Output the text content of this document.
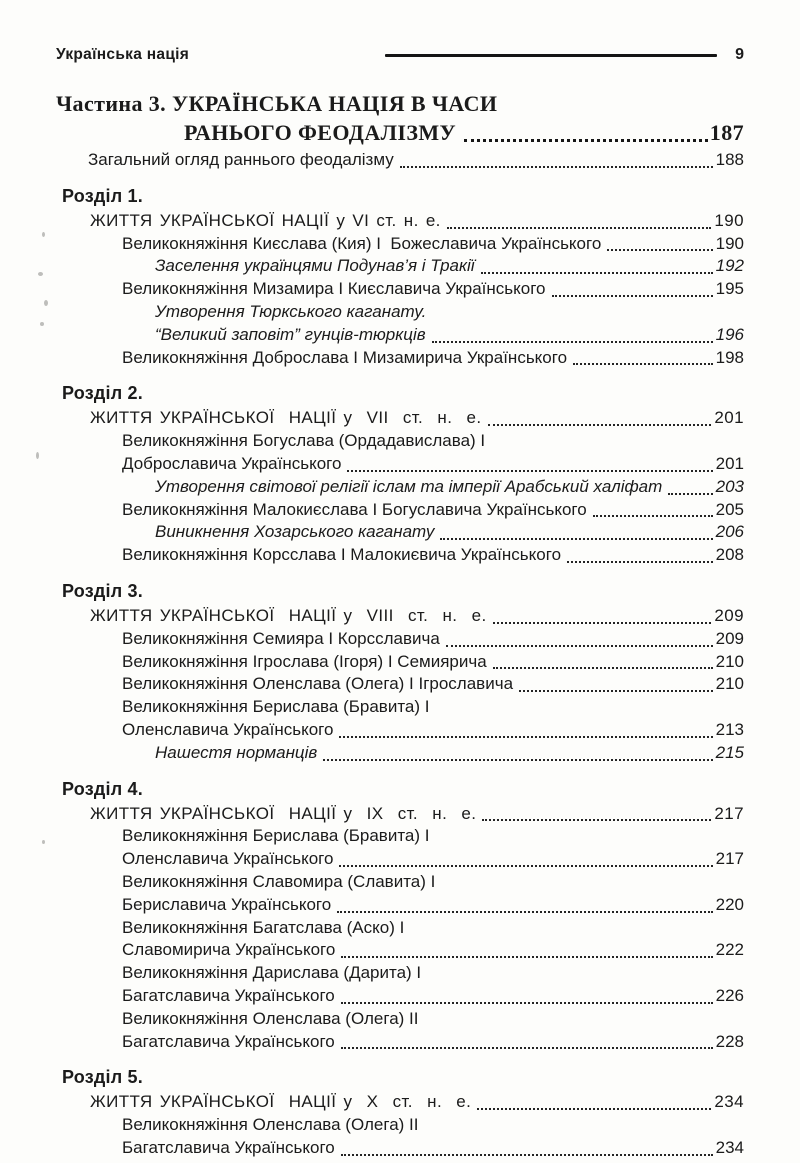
Українська нація	9
Частина 3. УКРАЇНСЬКА НАЦІЯ В ЧАСИ
РАНЬОГО ФЕОДАЛІЗМУ	187
Загальний огляд раннього феодалізму	188
Розділ 1.
ЖИТТЯ УКРАЇНСЬКОЇ НАЦІЇ у VI ст. н. е.	190
Великокняжіння Києслава (Кия) І  Божеславича Українського	190
Заселення українцями Подунав’я і Тракії	192
Великокняжіння Мизамира І Києславича Українського	195
Утворення Тюркського каганату.
“Великий заповіт” гунців-тюркців	196
Великокняжіння Доброслава І Мизамирича Українського	198
Розділ 2.
ЖИТТЯ УКРАЇНСЬКОЇ  НАЦІЇ у  VII  ст.  н.  е.	201
Великокняжіння Богуслава (Ордадавислава) І
Доброславича Українського	201
Утворення світової релігії іслам та імперії Арабський халіфат	203
Великокняжіння Малокиєслава І Богуславича Українського	205
Виникнення Хозарського каганату	206
Великокняжіння Корсслава І Малокиєвича Українського	208
Розділ 3.
ЖИТТЯ УКРАЇНСЬКОЇ  НАЦІЇ у  VIII  ст.  н.  е.	209
Великокняжіння Семияра І Корсславича	209
Великокняжіння Ігрослава (Ігоря) І Семиярича	210
Великокняжіння Оленслава (Олега) І Ігрославича	210
Великокняжіння Берислава (Бравита) І
Оленславича Українського	213
Нашестя норманців	215
Розділ 4.
ЖИТТЯ УКРАЇНСЬКОЇ  НАЦІЇ у  IX  ст.  н.  е.	217
Великокняжіння Берислава (Бравита) І
Оленславича Українського	217
Великокняжіння Славомира (Славита) І
Бериславича Українського	220
Великокняжіння Багатслава (Аско) І
Славомирича Українського	222
Великокняжіння Дарислава (Дарита) І
Багатславича Українського	226
Великокняжіння Оленслава (Олега) ІІ
Багатславича Українського	228
Розділ 5.
ЖИТТЯ УКРАЇНСЬКОЇ  НАЦІЇ у  X  ст.  н.  е.	234
Великокняжіння Оленслава (Олега) ІІ
Багатславича Українського	234
